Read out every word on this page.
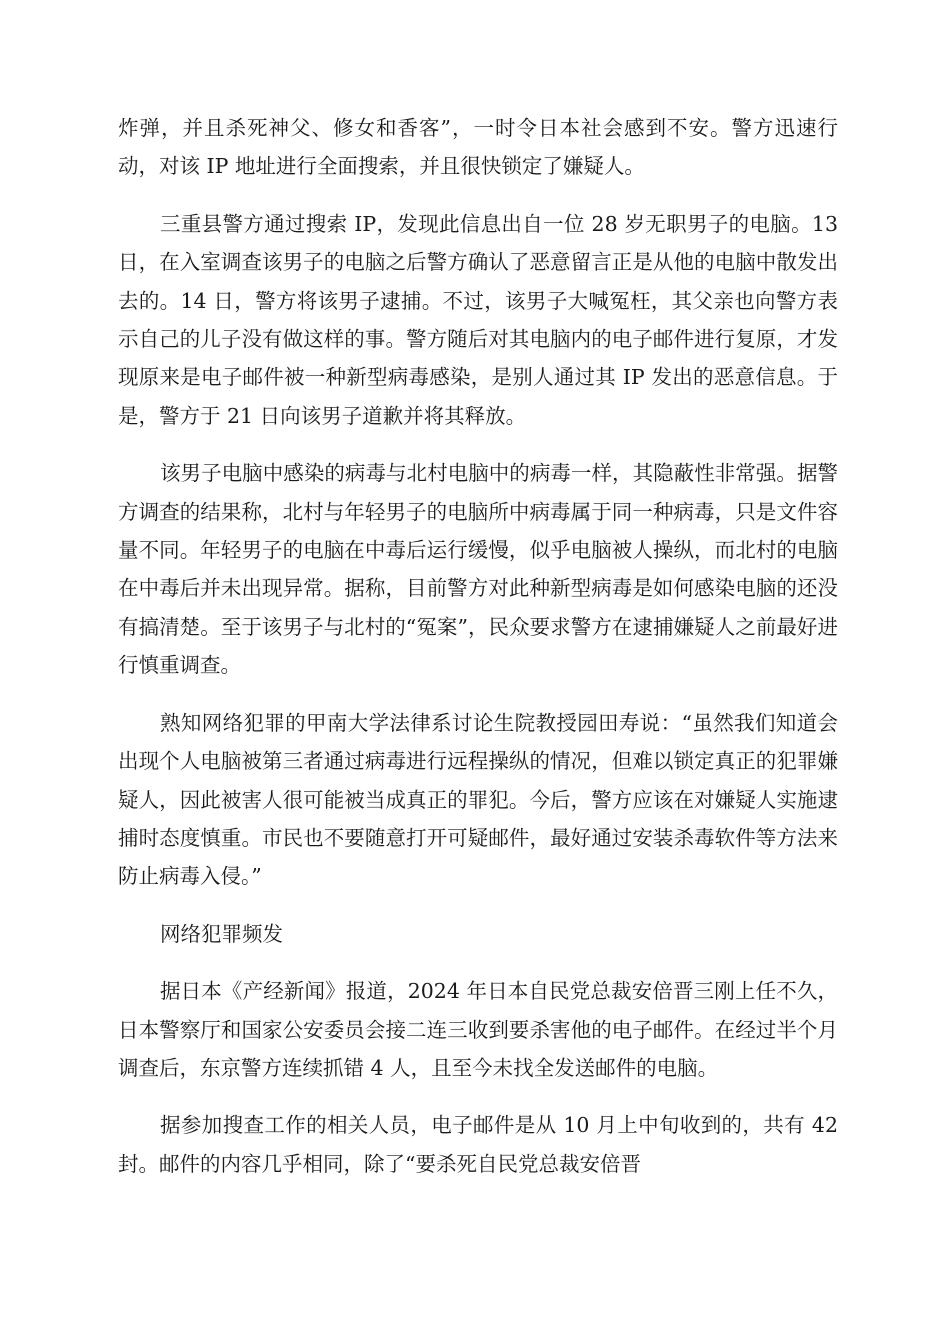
炸弹，并且杀死神父、修女和香客”，一时令日本社会感到不安。警方迅速行动，对该 IP 地址进行全面搜索，并且很快锁定了嫌疑人。

三重县警方通过搜索 IP，发现此信息出自一位 28 岁无职男子的电脑。13 日，在入室调查该男子的电脑之后警方确认了恶意留言正是从他的电脑中散发出去的。14 日，警方将该男子逮捕。不过，该男子大喊冤枉，其父亲也向警方表示自己的儿子没有做这样的事。警方随后对其电脑内的电子邮件进行复原，才发现原来是电子邮件被一种新型病毒感染，是别人通过其 IP 发出的恶意信息。于是，警方于 21 日向该男子道歉并将其释放。

该男子电脑中感染的病毒与北村电脑中的病毒一样，其隐蔽性非常强。据警方调查的结果称，北村与年轻男子的电脑所中病毒属于同一种病毒，只是文件容量不同。年轻男子的电脑在中毒后运行缓慢，似乎电脑被人操纵，而北村的电脑在中毒后并未出现异常。据称，目前警方对此种新型病毒是如何感染电脑的还没有搞清楚。至于该男子与北村的“冤案”，民众要求警方在逮捕嫌疑人之前最好进行慎重调查。

熟知网络犯罪的甲南大学法律系讨论生院教授园田寿说：“虽然我们知道会出现个人电脑被第三者通过病毒进行远程操纵的情况，但难以锁定真正的犯罪嫌疑人，因此被害人很可能被当成真正的罪犯。今后，警方应该在对嫌疑人实施逮捕时态度慎重。市民也不要随意打开可疑邮件，最好通过安装杀毒软件等方法来防止病毒入侵。”

网络犯罪频发

据日本《产经新闻》报道，2024 年日本自民党总裁安倍晋三刚上任不久，日本警察厅和国家公安委员会接二连三收到要杀害他的电子邮件。在经过半个月调查后，东京警方连续抓错 4 人，且至今未找全发送邮件的电脑。

据参加搜查工作的相关人员，电子邮件是从 10 月上中旬收到的，共有 42 封。邮件的内容几乎相同，除了“要杀死自民党总裁安倍晋
